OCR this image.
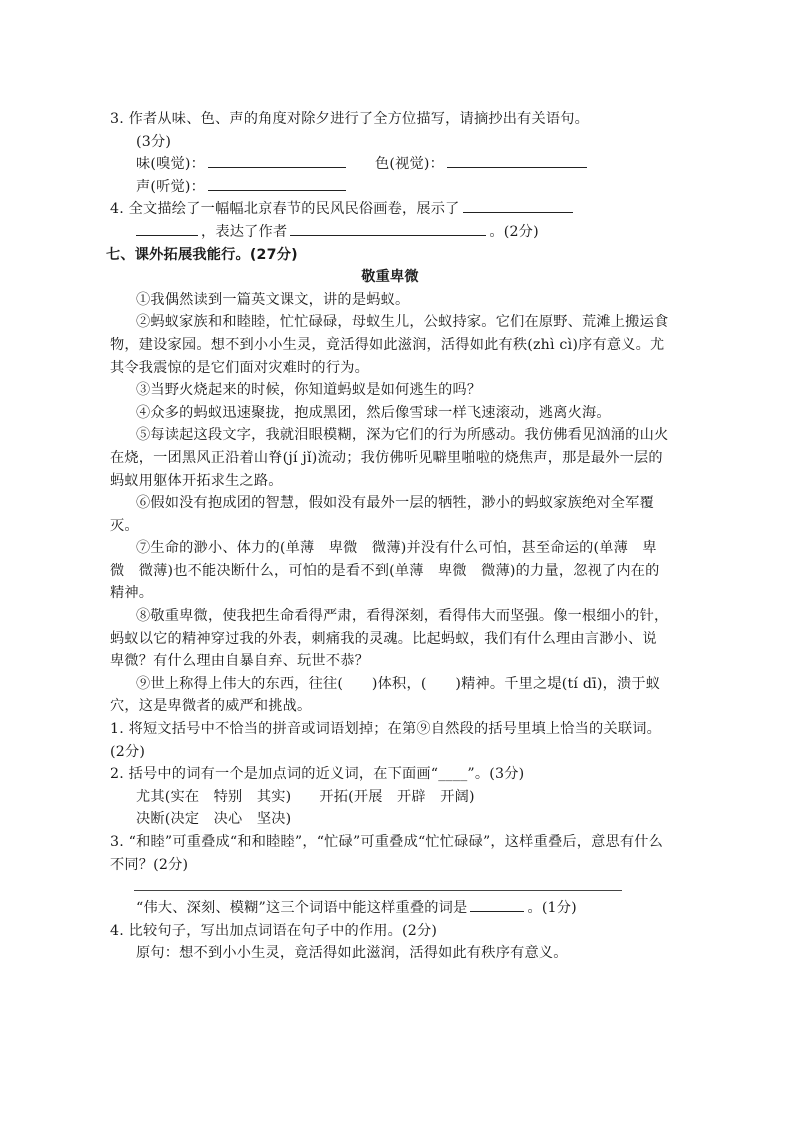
3. 作者从味、色、声的角度对除夕进行了全方位描写，请摘抄出有关语句。
(3分)
味(嗅觉)：	色(视觉)：
声(听觉)：
4. 全文描绘了一幅幅北京春节的民风民俗画卷，展示了
，表达了作者	。(2分)
七、课外拓展我能行。(27分)
敬重卑微
①我偶然读到一篇英文课文，讲的是蚂蚁。
②蚂蚁家族和和睦睦，忙忙碌碌，母蚁生儿，公蚁持家。它们在原野、荒滩上搬运食物，建设家园。想不到小小生灵，竟活得如此滋润，活得如此有秩(zhì cì)序有意义。尤其令我震惊的是它们面对灾难时的行为。
③当野火烧起来的时候，你知道蚂蚁是如何逃生的吗？
④众多的蚂蚁迅速聚拢，抱成黑团，然后像雪球一样飞速滚动，逃离火海。
⑤每读起这段文字，我就泪眼模糊，深为它们的行为所感动。我仿佛看见汹涌的山火在烧，一团黑风正沿着山脊(jí jǐ)流动；我仿佛听见噼里啪啦的烧焦声，那是最外一层的蚂蚁用躯体开拓求生之路。
⑥假如没有抱成团的智慧，假如没有最外一层的牺牲，渺小的蚂蚁家族绝对全军覆灭。
⑦生命的渺小、体力的(单薄　卑微　微薄)并没有什么可怕，甚至命运的(单薄　卑微　微薄)也不能决断什么，可怕的是看不到(单薄　卑微　微薄)的力量，忽视了内在的精神。
⑧敬重卑微，使我把生命看得严肃，看得深刻，看得伟大而坚强。像一根细小的针，蚂蚁以它的精神穿过我的外表，刺痛我的灵魂。比起蚂蚁，我们有什么理由言渺小、说卑微？有什么理由自暴自弃、玩世不恭？
⑨世上称得上伟大的东西，往往(　　)体积，(　　)精神。千里之堤(tí dī)，溃于蚁穴，这是卑微者的威严和挑战。
1. 将短文括号中不恰当的拼音或词语划掉；在第⑨自然段的括号里填上恰当的关联词。(2分)
2. 括号中的词有一个是加点词的近义词，在下面画“____”。(3分)
尤其(实在　特别　其实) 开拓(开展　开辟　开阔)
决断(决定　决心　坚决)
3. “和睦”可重叠成“和和睦睦”，“忙碌”可重叠成“忙忙碌碌”，这样重叠后，意思有什么不同？(2分)
“伟大、深刻、模糊”这三个词语中能这样重叠的词是	。(1分)
4. 比较句子，写出加点词语在句子中的作用。(2分)
原句：想不到小小生灵，竟活得如此滋润，活得如此有秩序有意义。
